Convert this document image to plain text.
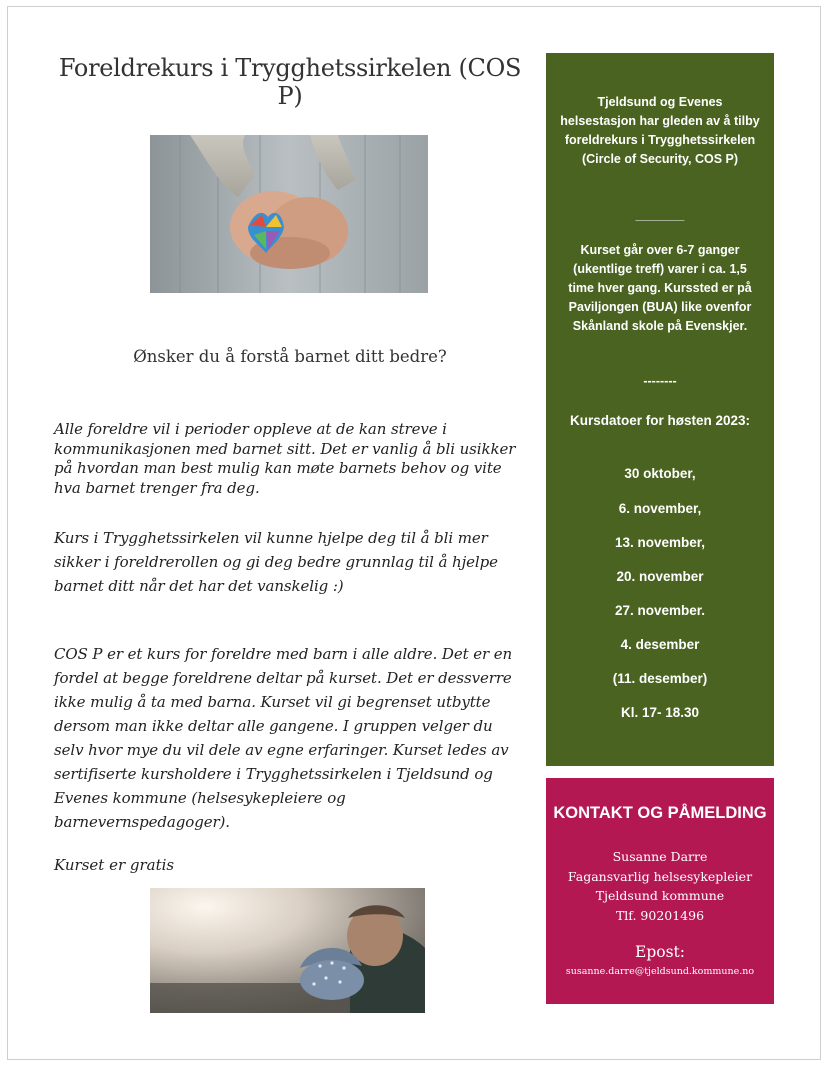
Foreldrekurs i Trygghetssirkelen (COS P)
Ønsker du å forstå barnet ditt bedre?

Alle foreldre vil i perioder oppleve at de kan streve i kommunikasjonen med barnet sitt. Det er vanlig å bli usikker på hvordan man best mulig kan møte barnets behov og vite hva barnet trenger fra deg.

Kurs i Trygghetssirkelen vil kunne hjelpe deg til å bli mer sikker i foreldrerollen og gi deg bedre grunnlag til å hjelpe barnet ditt når det har det vanskelig :)

COS P er et kurs for foreldre med barn i alle aldre. Det er en fordel at begge foreldrene deltar på kurset. Det er dessverre ikke mulig å ta med barna. Kurset vil gi begrenset utbytte dersom man ikke deltar alle gangene. I gruppen velger du selv hvor mye du vil dele av egne erfaringer. Kurset ledes av sertifiserte kursholdere i Trygghetssirkelen i Tjeldsund og Evenes kommune (helsesykepleiere og barnevernspedagoger).

Kurset er gratis

Tjeldsund og Evenes helsestasjon har gleden av å tilby foreldrekurs i Trygghetssirkelen (Circle of Security, COS P)
_______
Kurset går over 6-7 ganger (ukentlige treff) varer i ca. 1,5 time hver gang. Kurssted er på Paviljongen (BUA) like ovenfor Skånland skole på Evenskjer.
--------
Kursdatoer for høsten 2023:
30 oktober,
6. november,
13. november,
20. november
27. november.
4. desember
(11. desember)
Kl. 17- 18.30
KONTAKT OG PÅMELDING
Susanne Darre
Fagansvarlig helsesykepleier
Tjeldsund kommune
Tlf. 90201496
Epost:
susanne.darre@tjeldsund.kommune.no
